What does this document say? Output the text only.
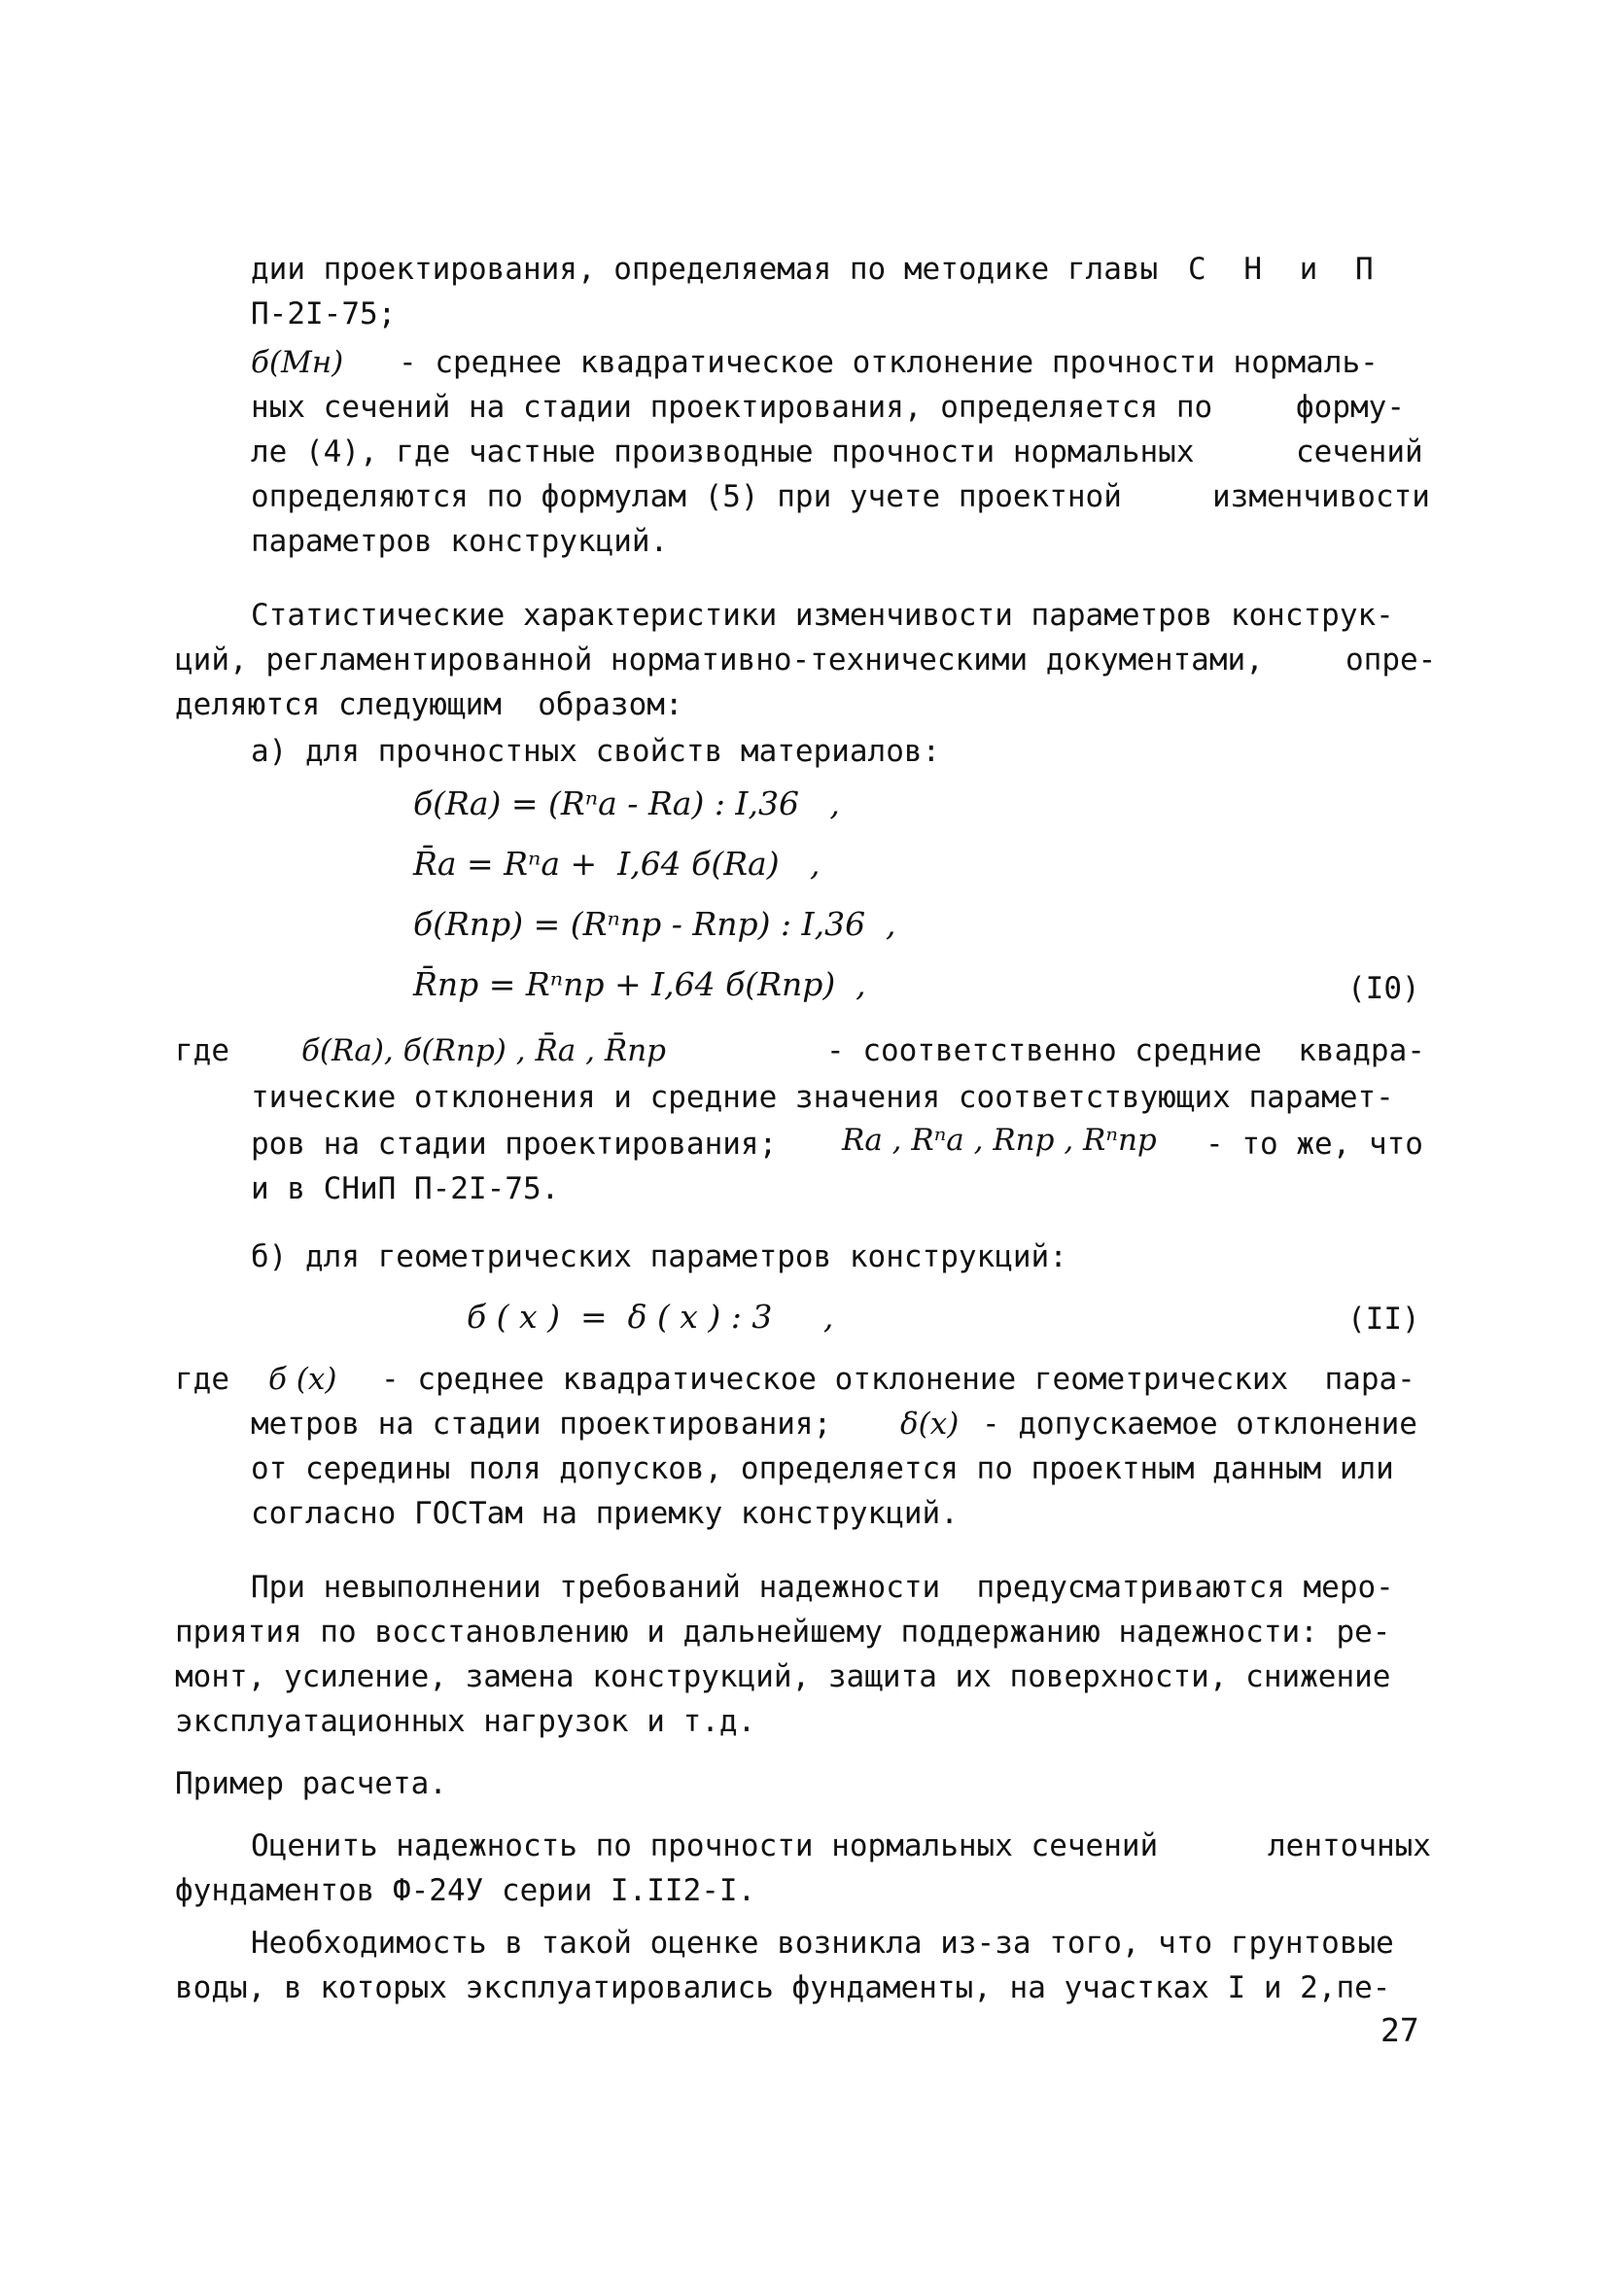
дии проектирования, определяемая по методике главы С Н и П
П-2I-75;
б(Мн) - среднее квадратическое отклонение прочности нормаль-
ных сечений на стадии проектирования, определяется по	форму-
ле (4), где частные производные прочности нормальных	сечений
определяются по формулам (5) при учете проектной	изменчивости
параметров конструкций.
Статистические характеристики изменчивости параметров конструк-
ций, регламентированной нормативно-техническими документами,	опре-
деляются следующим  образом:
а) для прочностных свойств материалов:
б(Rа) = (Rⁿа - Rа) : I,36   ,
R̄а = Rⁿа +  I,64 б(Rа)   ,
б(Rпр) = (Rⁿпр - Rпр) : I,36  ,
R̄пр = Rⁿпр + I,64 б(Rпр)  ,	(I0)
где б(Rа), б(Rпр) , R̄а , R̄пр	- соответственно средние  квадра-
тические отклонения и средние значения соответствующих парамет-
ров на стадии проектирования; Rа , Rⁿа , Rпр , Rⁿпр - то же, что
и в СНиП П-2I-75.
б) для геометрических параметров конструкций:
б ( x )  =  δ ( x ) : 3     ,	(II)
где б (x) - среднее квадратическое отклонение геометрических  пара-
метров на стадии проектирования; δ(x) - допускаемое отклонение
от середины поля допусков, определяется по проектным данным или
согласно ГОСТам на приемку конструкций.
При невыполнении требований надежности  предусматриваются меро-
приятия по восстановлению и дальнейшему поддержанию надежности: ре-
монт, усиление, замена конструкций, защита их поверхности, снижение
эксплуатационных нагрузок и т.д.
Пример расчета.
Оценить надежность по прочности нормальных сечений	ленточных
фундаментов Ф-24У серии I.II2-I.
Необходимость в такой оценке возникла из-за того, что грунтовые
воды, в которых эксплуатировались фундаменты, на участках I и 2,пе-
27
